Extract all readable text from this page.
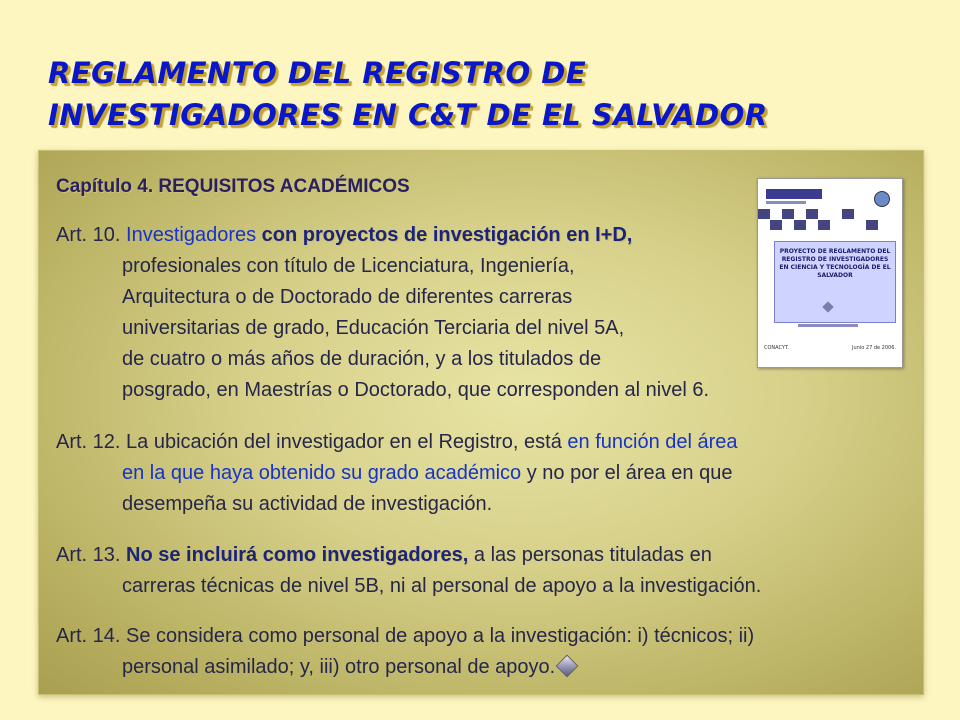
REGLAMENTO DEL REGISTRO DE
INVESTIGADORES EN C&T DE EL SALVADOR

Capítulo 4. REQUISITOS ACADÉMICOS

PROYECTO DE REGLAMENTO DEL REGISTRO DE INVESTIGADORES EN CIENCIA Y TECNOLOGÍA DE EL SALVADOR
CONACYT.	Junio 27 de 2006.
Art. 10. Investigadores con proyectos de investigación en I+D,
profesionales con título de Licenciatura, Ingeniería,
Arquitectura o de Doctorado de diferentes carreras
universitarias de grado, Educación Terciaria del nivel 5A,
de cuatro o más años de duración, y a los titulados de
posgrado, en Maestrías o Doctorado, que corresponden al nivel 6.
Art. 12. La ubicación del investigador en el Registro, está en función del área
en la que haya obtenido su grado académico y no por el área en que
desempeña su actividad de investigación.
Art. 13. No se incluirá como investigadores, a las personas tituladas en
carreras técnicas de nivel 5B, ni al personal de apoyo a la investigación.
Art. 14. Se considera como personal de apoyo a la investigación: i) técnicos; ii)
personal asimilado; y, iii) otro personal de apoyo.
